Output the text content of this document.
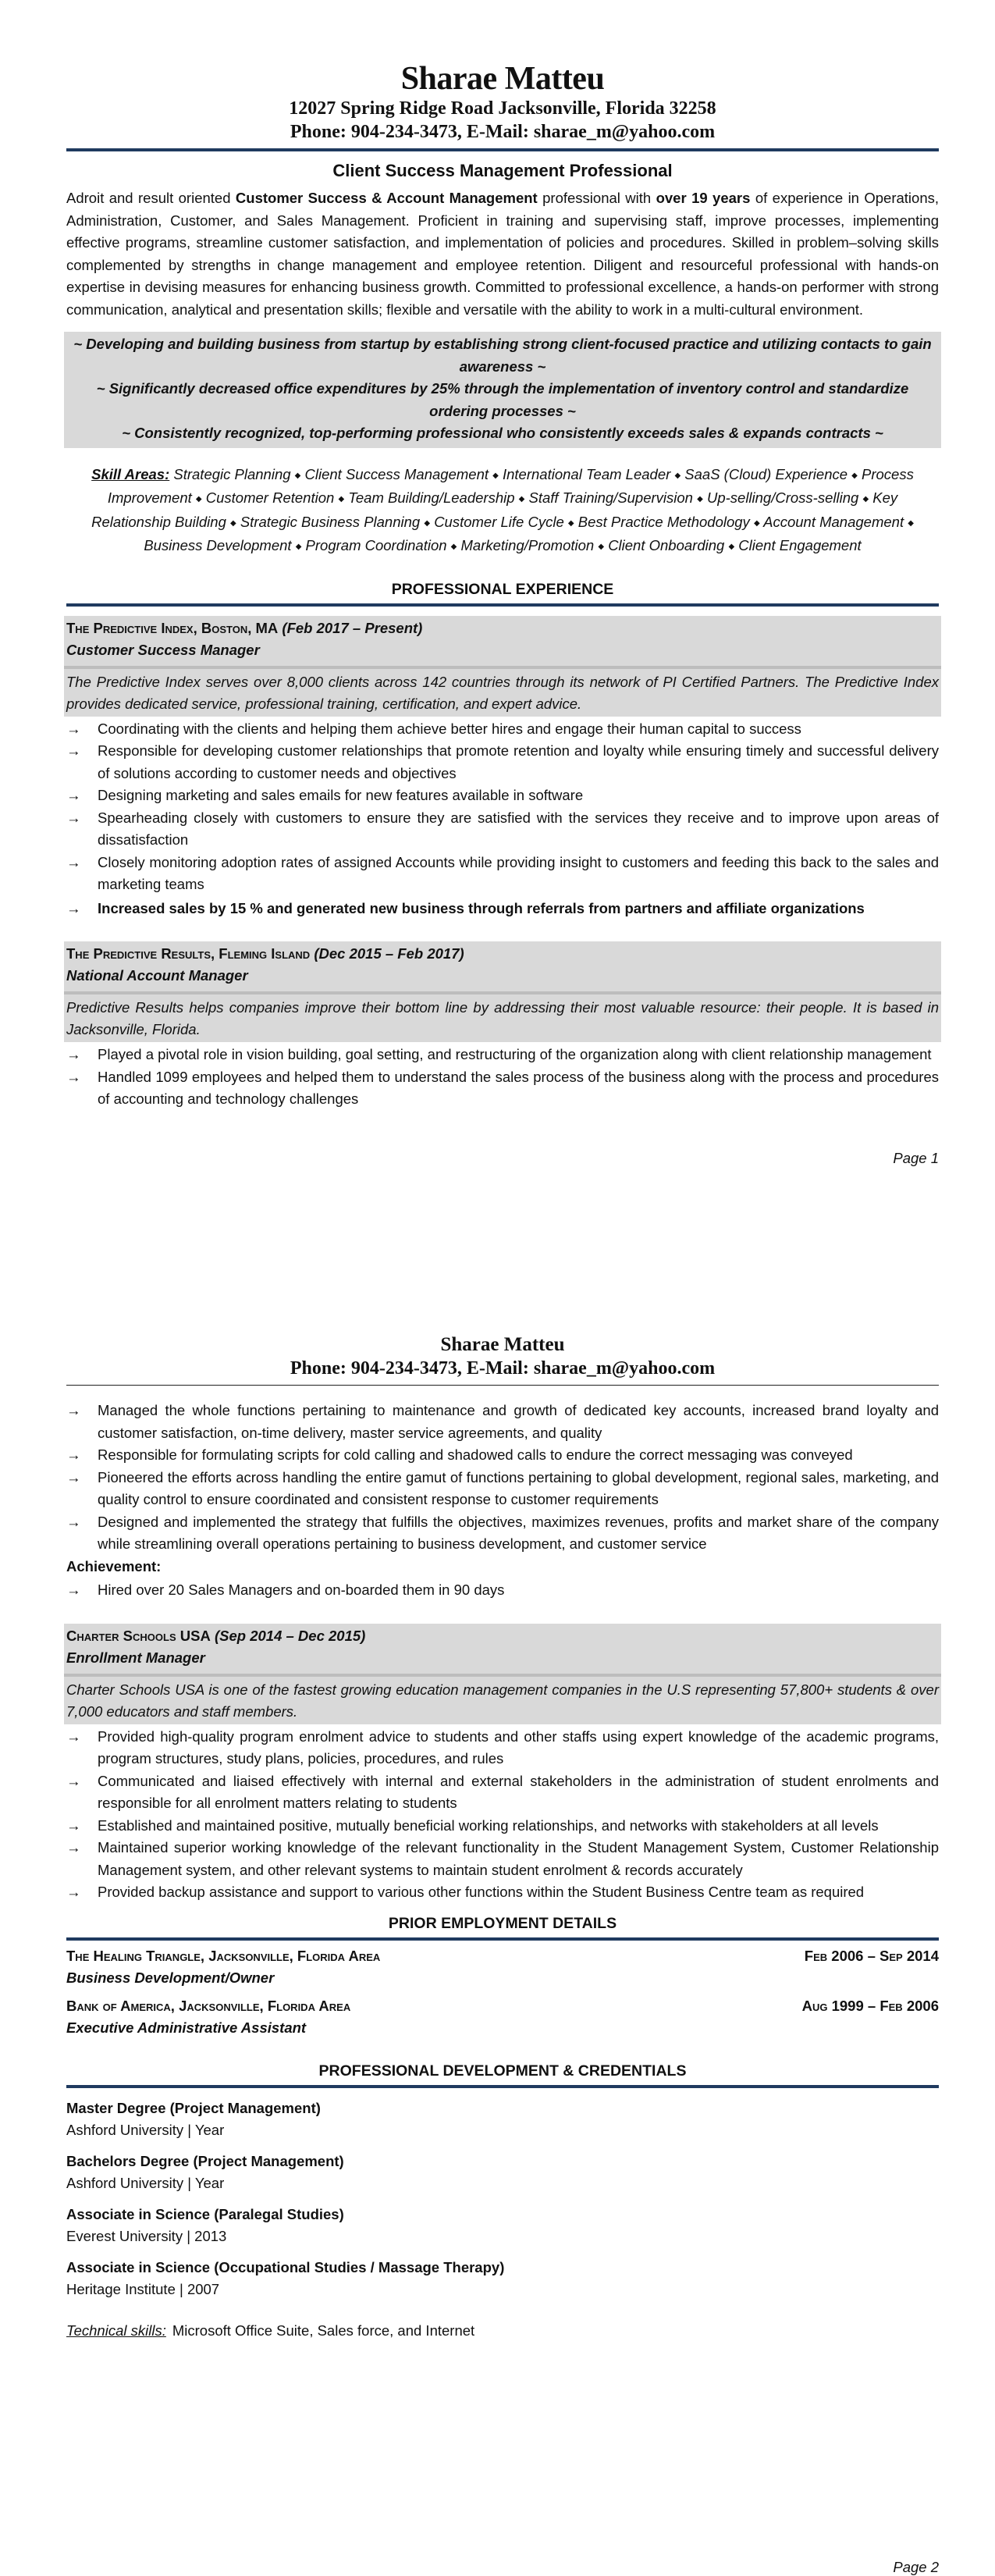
Sharae Matteu
12027 Spring Ridge Road Jacksonville, Florida 32258
Phone: 904-234-3473, E-Mail: sharae_m@yahoo.com
Client Success Management Professional

Adroit and result oriented Customer Success & Account Management professional with over 19 years of experience in Operations, Administration, Customer, and Sales Management. Proficient in training and supervising staff, improve processes, implementing effective programs, streamline customer satisfaction, and implementation of policies and procedures. Skilled in problem–solving skills complemented by strengths in change management and employee retention. Diligent and resourceful professional with hands-on expertise in devising measures for enhancing business growth. Committed to professional excellence, a hands-on performer with strong communication, analytical and presentation skills; flexible and versatile with the ability to work in a multi-cultural environment.

~ Developing and building business from startup by establishing strong client-focused practice and utilizing contacts to gain awareness ~
~ Significantly decreased office expenditures by 25% through the implementation of inventory control and standardize ordering processes ~
~ Consistently recognized, top-performing professional who consistently exceeds sales & expands contracts ~
Skill Areas: Strategic Planning ◆ Client Success Management ◆ International Team Leader ◆ SaaS (Cloud) Experience ◆ Process Improvement ◆ Customer Retention ◆ Team Building/Leadership ◆ Staff Training/Supervision ◆ Up-selling/Cross-selling ◆ Key Relationship Building ◆ Strategic Business Planning ◆ Customer Life Cycle ◆ Best Practice Methodology ◆ Account Management ◆ Business Development ◆ Program Coordination ◆ Marketing/Promotion ◆ Client Onboarding ◆ Client Engagement
PROFESSIONAL EXPERIENCE
The Predictive Index, Boston, MA (Feb 2017 – Present)
Customer Success Manager
The Predictive Index serves over 8,000 clients across 142 countries through its network of PI Certified Partners. The Predictive Index provides dedicated service, professional training, certification, and expert advice.
→ Coordinating with the clients and helping them achieve better hires and engage their human capital to success
→ Responsible for developing customer relationships that promote retention and loyalty while ensuring timely and successful delivery of solutions according to customer needs and objectives
→ Designing marketing and sales emails for new features available in software
→ Spearheading closely with customers to ensure they are satisfied with the services they receive and to improve upon areas of dissatisfaction
→ Closely monitoring adoption rates of assigned Accounts while providing insight to customers and feeding this back to the sales and marketing teams
→ Increased sales by 15 % and generated new business through referrals from partners and affiliate organizations
The Predictive Results, Fleming Island (Dec 2015 – Feb 2017)
National Account Manager
Predictive Results helps companies improve their bottom line by addressing their most valuable resource: their people. It is based in Jacksonville, Florida.
→ Played a pivotal role in vision building, goal setting, and restructuring of the organization along with client relationship management
→ Handled 1099 employees and helped them to understand the sales process of the business along with the process and procedures of accounting and technology challenges
Page 1
Sharae Matteu
Phone: 904-234-3473, E-Mail: sharae_m@yahoo.com
→ Managed the whole functions pertaining to maintenance and growth of dedicated key accounts, increased brand loyalty and customer satisfaction, on-time delivery, master service agreements, and quality
→ Responsible for formulating scripts for cold calling and shadowed calls to endure the correct messaging was conveyed
→ Pioneered the efforts across handling the entire gamut of functions pertaining to global development, regional sales, marketing, and quality control to ensure coordinated and consistent response to customer requirements
→ Designed and implemented the strategy that fulfills the objectives, maximizes revenues, profits and market share of the company while streamlining overall operations pertaining to business development, and customer service
Achievement:
→ Hired over 20 Sales Managers and on-boarded them in 90 days
Charter Schools USA (Sep 2014 – Dec 2015)
Enrollment Manager
Charter Schools USA is one of the fastest growing education management companies in the U.S representing 57,800+ students & over 7,000 educators and staff members.
→ Provided high-quality program enrolment advice to students and other staffs using expert knowledge of the academic programs, program structures, study plans, policies, procedures, and rules
→ Communicated and liaised effectively with internal and external stakeholders in the administration of student enrolments and responsible for all enrolment matters relating to students
→ Established and maintained positive, mutually beneficial working relationships, and networks with stakeholders at all levels
→ Maintained superior working knowledge of the relevant functionality in the Student Management System, Customer Relationship Management system, and other relevant systems to maintain student enrolment & records accurately
→ Provided backup assistance and support to various other functions within the Student Business Centre team as required
PRIOR EMPLOYMENT DETAILS
The Healing Triangle, Jacksonville, Florida Area	Feb 2006 – Sep 2014
Business Development/Owner
Bank of America, Jacksonville, Florida Area	Aug 1999 – Feb 2006
Executive Administrative Assistant
PROFESSIONAL DEVELOPMENT & CREDENTIALS
Master Degree (Project Management)
Ashford University | Year
Bachelors Degree (Project Management)
Ashford University | Year
Associate in Science (Paralegal Studies)
Everest University | 2013
Associate in Science (Occupational Studies / Massage Therapy)
Heritage Institute | 2007
Technical skills: Microsoft Office Suite, Sales force, and Internet
Page 2
